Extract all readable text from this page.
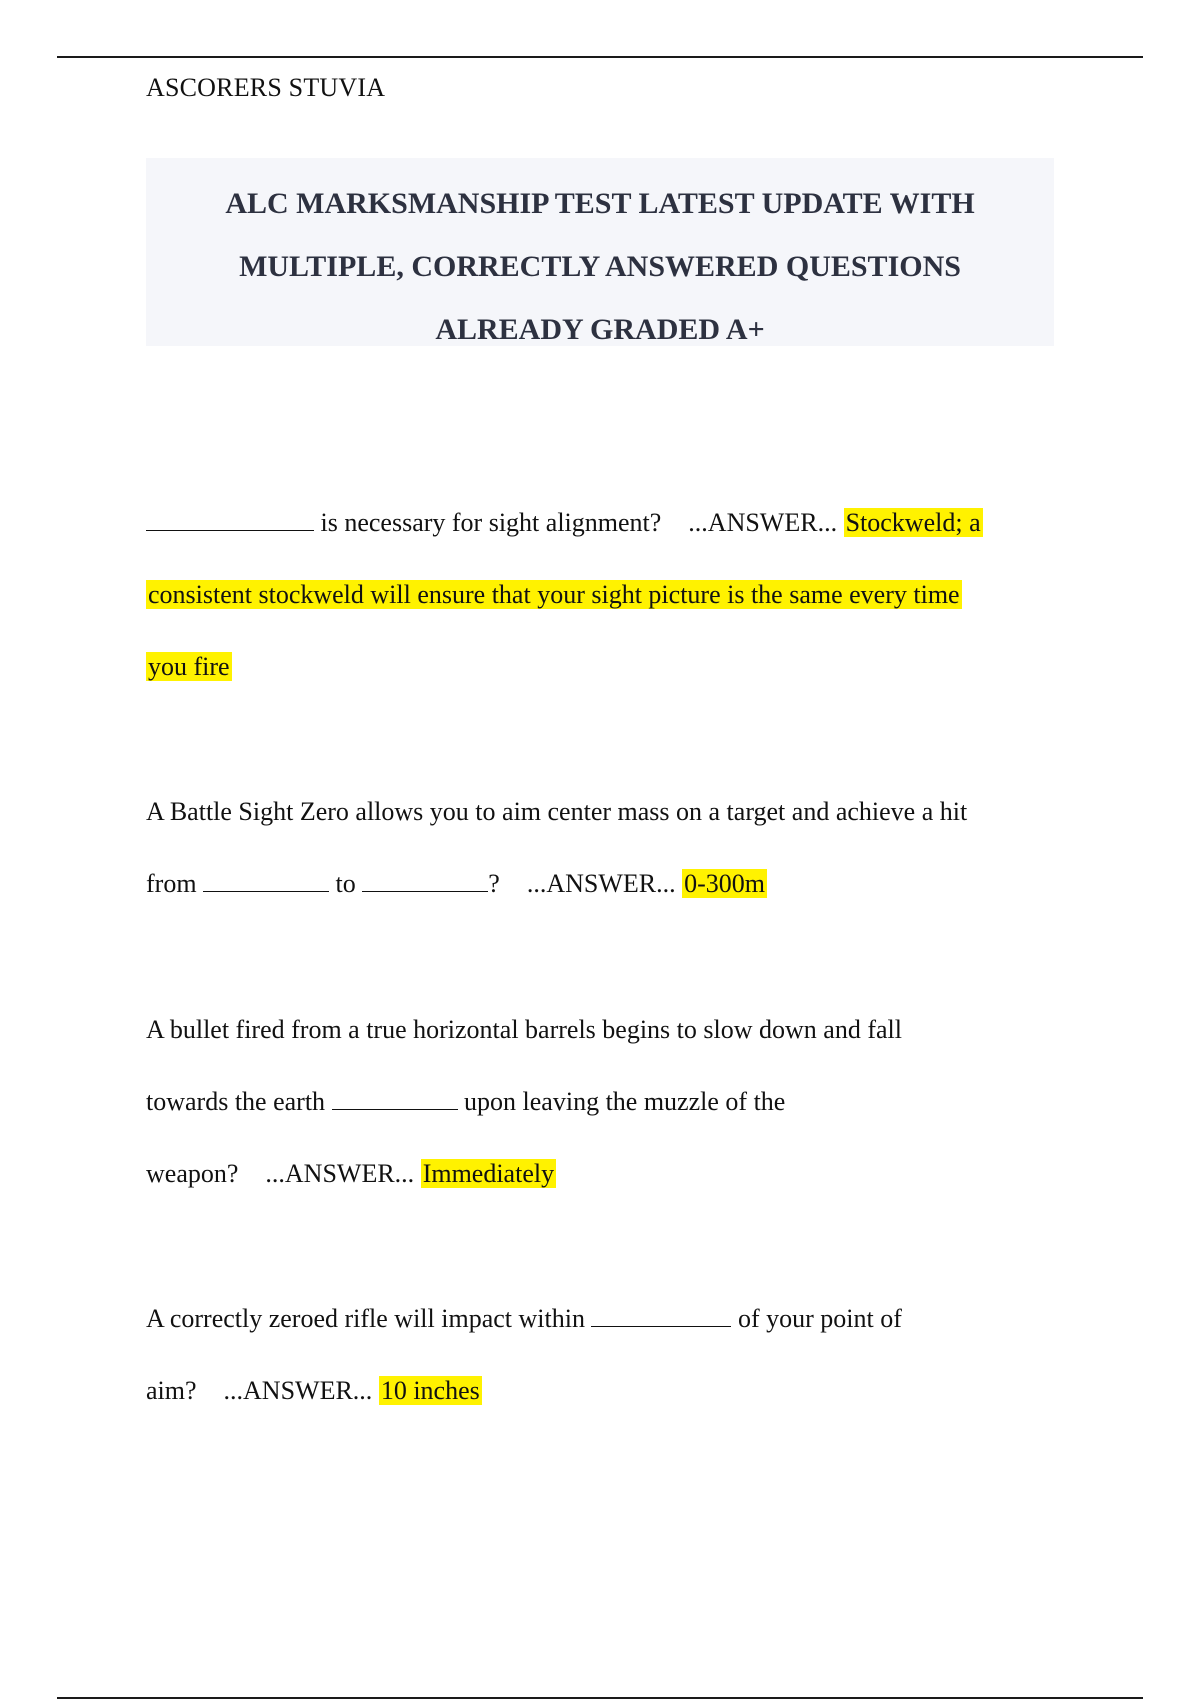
ASCORERS STUVIA
ALC MARKSMANSHIP TEST LATEST UPDATE WITH
MULTIPLE, CORRECTLY ANSWERED QUESTIONS
ALREADY GRADED A+
is necessary for sight alignment? ...ANSWER... Stockweld; a
consistent stockweld will ensure that your sight picture is the same every time
you fire
A Battle Sight Zero allows you to aim center mass on a target and achieve a hit
from	to	? ...ANSWER... 0-300m
A bullet fired from a true horizontal barrels begins to slow down and fall
towards the earth	upon leaving the muzzle of the
weapon? ...ANSWER... Immediately
A correctly zeroed rifle will impact within	of your point of
aim? ...ANSWER... 10 inches
